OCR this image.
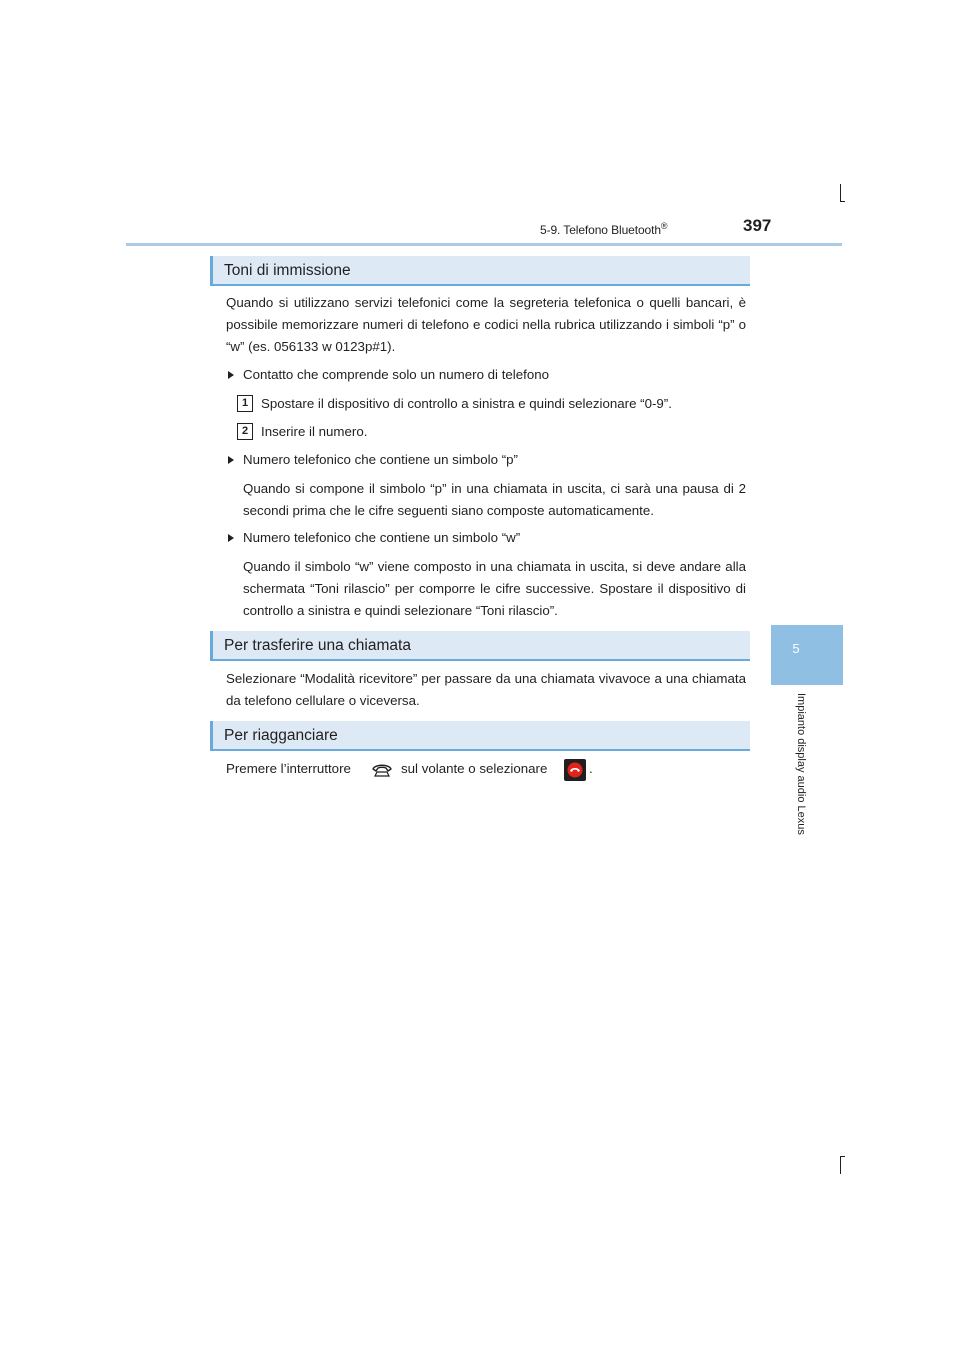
5-9. Telefono Bluetooth®	397
5
Impianto display audio Lexus
Toni di immissione
Quando si utilizzano servizi telefonici come la segreteria telefonica o quelli bancari, è possibile memorizzare numeri di telefono e codici nella rubrica utilizzando i simboli “p” o “w” (es. 056133 w 0123p#1).
Contatto che comprende solo un numero di telefono
1 Spostare il dispositivo di controllo a sinistra e quindi selezionare “0-9”.
2 Inserire il numero.
Numero telefonico che contiene un simbolo “p”
Quando si compone il simbolo “p” in una chiamata in uscita, ci sarà una pausa di 2 secondi prima che le cifre seguenti siano composte automaticamente.
Numero telefonico che contiene un simbolo “w”
Quando il simbolo “w” viene composto in una chiamata in uscita, si deve andare alla schermata “Toni rilascio” per comporre le cifre successive. Spostare il dispositivo di controllo a sinistra e quindi selezionare “Toni rilascio”.
Per trasferire una chiamata
Selezionare “Modalità ricevitore” per passare da una chiamata vivavoce a una chiamata da telefono cellulare o viceversa.
Per riagganciare
Premere l’interruttore	sul volante o selezionare	.
